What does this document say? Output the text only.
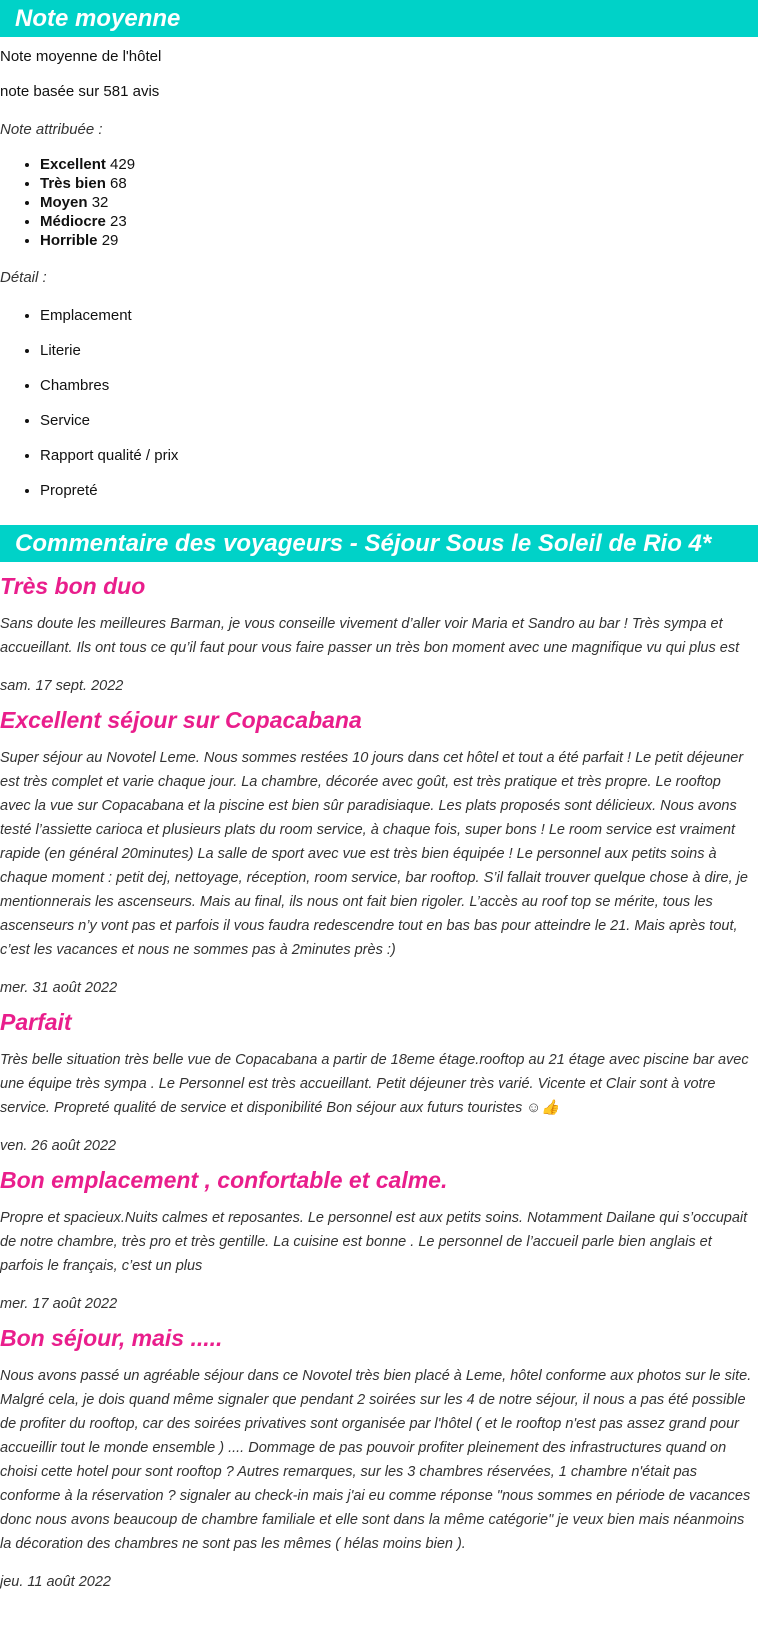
Note moyenne

Note moyenne de l'hôtel

note basée sur 581 avis

Note attribuée :

• Excellent 429
• Très bien 68
• Moyen 32
• Médiocre 23
• Horrible 29

Détail :

• Emplacement
• Literie
• Chambres
• Service
• Rapport qualité / prix
• Propreté
Commentaire des voyageurs - Séjour Sous le Soleil de Rio 4*
Très bon duo

Sans doute les meilleures Barman, je vous conseille vivement d’aller voir Maria et Sandro au bar ! Très sympa et accueillant. Ils ont tous ce qu’il faut pour vous faire passer un très bon moment avec une magnifique vu qui plus est

sam. 17 sept. 2022

Excellent séjour sur Copacabana

Super séjour au Novotel Leme. Nous sommes restées 10 jours dans cet hôtel et tout a été parfait ! Le petit déjeuner est très complet et varie chaque jour. La chambre, décorée avec goût, est très pratique et très propre. Le rooftop avec la vue sur Copacabana et la piscine est bien sûr paradisiaque. Les plats proposés sont délicieux. Nous avons testé l’assiette carioca et plusieurs plats du room service, à chaque fois, super bons ! Le room service est vraiment rapide (en général 20minutes) La salle de sport avec vue est très bien équipée ! Le personnel aux petits soins à chaque moment : petit dej, nettoyage, réception, room service, bar rooftop. S’il fallait trouver quelque chose à dire, je mentionnerais les ascenseurs. Mais au final, ils nous ont fait bien rigoler. L’accès au roof top se mérite, tous les ascenseurs n’y vont pas et parfois il vous faudra redescendre tout en bas bas pour atteindre le 21. Mais après tout, c’est les vacances et nous ne sommes pas à 2minutes près :)

mer. 31 août 2022

Parfait

Très belle situation très belle vue de Copacabana a partir de 18eme étage.rooftop au 21 étage avec piscine bar avec une équipe très sympa . Le Personnel est très accueillant. Petit déjeuner très varié. Vicente et Clair sont à votre service. Propreté qualité de service et disponibilité Bon séjour aux futurs touristes ☺👍

ven. 26 août 2022

Bon emplacement , confortable et calme.

Propre et spacieux.Nuits calmes et reposantes. Le personnel est aux petits soins. Notamment Dailane qui s’occupait de notre chambre, très pro et très gentille. La cuisine est bonne . Le personnel de l’accueil parle bien anglais et parfois le français, c’est un plus

mer. 17 août 2022

Bon séjour, mais .....

Nous avons passé un agréable séjour dans ce Novotel très bien placé à Leme, hôtel conforme aux photos sur le site. Malgré cela, je dois quand même signaler que pendant 2 soirées sur les 4 de notre séjour, il nous a pas été possible de profiter du rooftop, car des soirées privatives sont organisée par l'hôtel ( et le rooftop n'est pas assez grand pour accueillir tout le monde ensemble ) .... Dommage de pas pouvoir profiter pleinement des infrastructures quand on choisi cette hotel pour sont rooftop ? Autres remarques, sur les 3 chambres réservées, 1 chambre n'était pas conforme à la réservation ? signaler au check-in mais j'ai eu comme réponse "nous sommes en période de vacances donc nous avons beaucoup de chambre familiale et elle sont dans la même catégorie" je veux bien mais néanmoins la décoration des chambres ne sont pas les mêmes ( hélas moins bien ).

jeu. 11 août 2022
